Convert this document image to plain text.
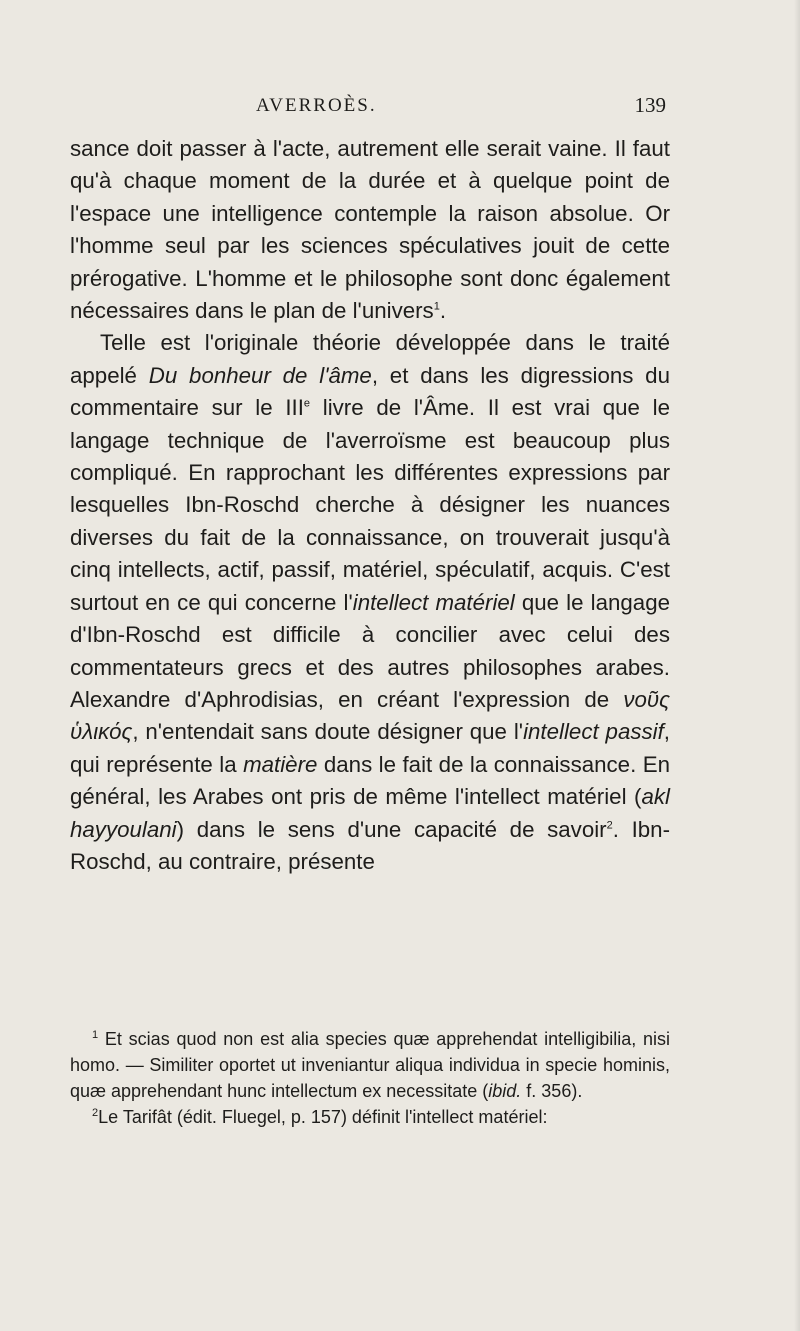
AVERROÈS.	139

sance doit passer à l'acte, autrement elle serait vaine. Il faut qu'à chaque moment de la durée et à quelque point de l'espace une intelligence contemple la raison absolue. Or l'homme seul par les sciences spéculatives jouit de cette prérogative. L'homme et le philosophe sont donc également nécessaires dans le plan de l'univers$^1$.

Telle est l'originale théorie développée dans le traité appelé Du bonheur de l'âme, et dans les digressions du commentaire sur le IIIe livre de l'Âme. Il est vrai que le langage technique de l'averroïsme est beaucoup plus compliqué. En rapprochant les différentes expressions par lesquelles Ibn-Roschd cherche à désigner les nuances diverses du fait de la connaissance, on trouverait jusqu'à cinq intellects, actif, passif, matériel, spéculatif, acquis. C'est surtout en ce qui concerne l'intellect matériel que le langage d'Ibn-Roschd est difficile à concilier avec celui des commentateurs grecs et des autres philosophes arabes. Alexandre d'Aphrodisias, en créant l'expression de νοῦς ὑλικός, n'entendait sans doute désigner que l'intellect passif, qui représente la matière dans le fait de la connaissance. En général, les Arabes ont pris de même l'intellect matériel (akl hayyoulani) dans le sens d'une capacité de savoir$^2$. Ibn-Roschd, au contraire, présente

$^1$ Et scias quod non est alia species quæ apprehendat intelligibilia, nisi homo. — Similiter oportet ut inveniantur aliqua individua in specie hominis, quæ apprehendant hunc intellectum ex necessitate (ibid. f. 356).

$^2$Le Tarifât (édit. Fluegel, p. 157) définit l'intellect matériel:
